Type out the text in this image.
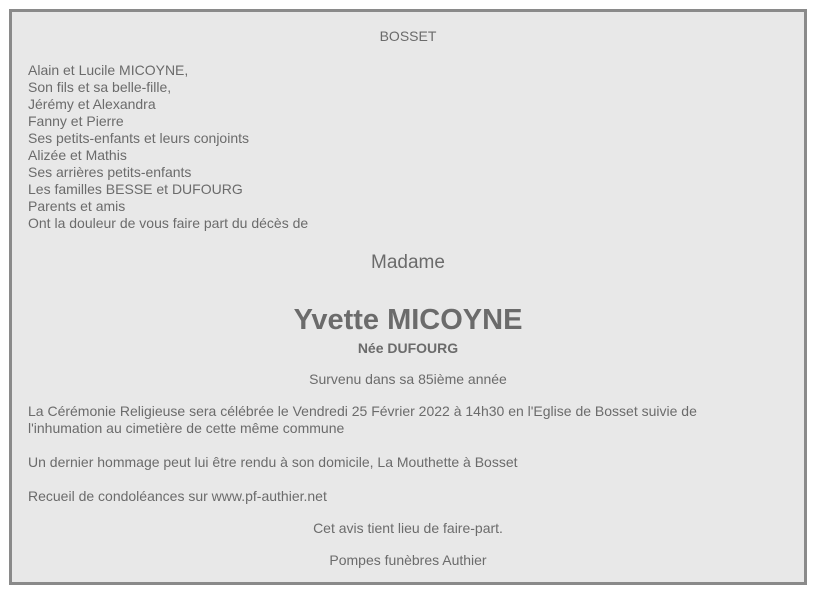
BOSSET
Alain et Lucile MICOYNE,
Son fils et sa belle-fille,
Jérémy et Alexandra
Fanny et Pierre
Ses petits-enfants et leurs conjoints
Alizée et Mathis
Ses arrières petits-enfants
Les familles BESSE et DUFOURG
Parents et amis
Ont la douleur de vous faire part du décès de
Madame
Yvette MICOYNE
Née DUFOURG
Survenu dans sa 85ième année
La Cérémonie Religieuse sera célébrée le Vendredi 25 Février 2022 à 14h30 en l'Eglise de Bosset suivie de l'inhumation au cimetière de cette même commune
Un dernier hommage peut lui être rendu à son domicile, La Mouthette à Bosset
Recueil de condoléances sur www.pf-authier.net
Cet avis tient lieu de faire-part.
Pompes funèbres Authier
